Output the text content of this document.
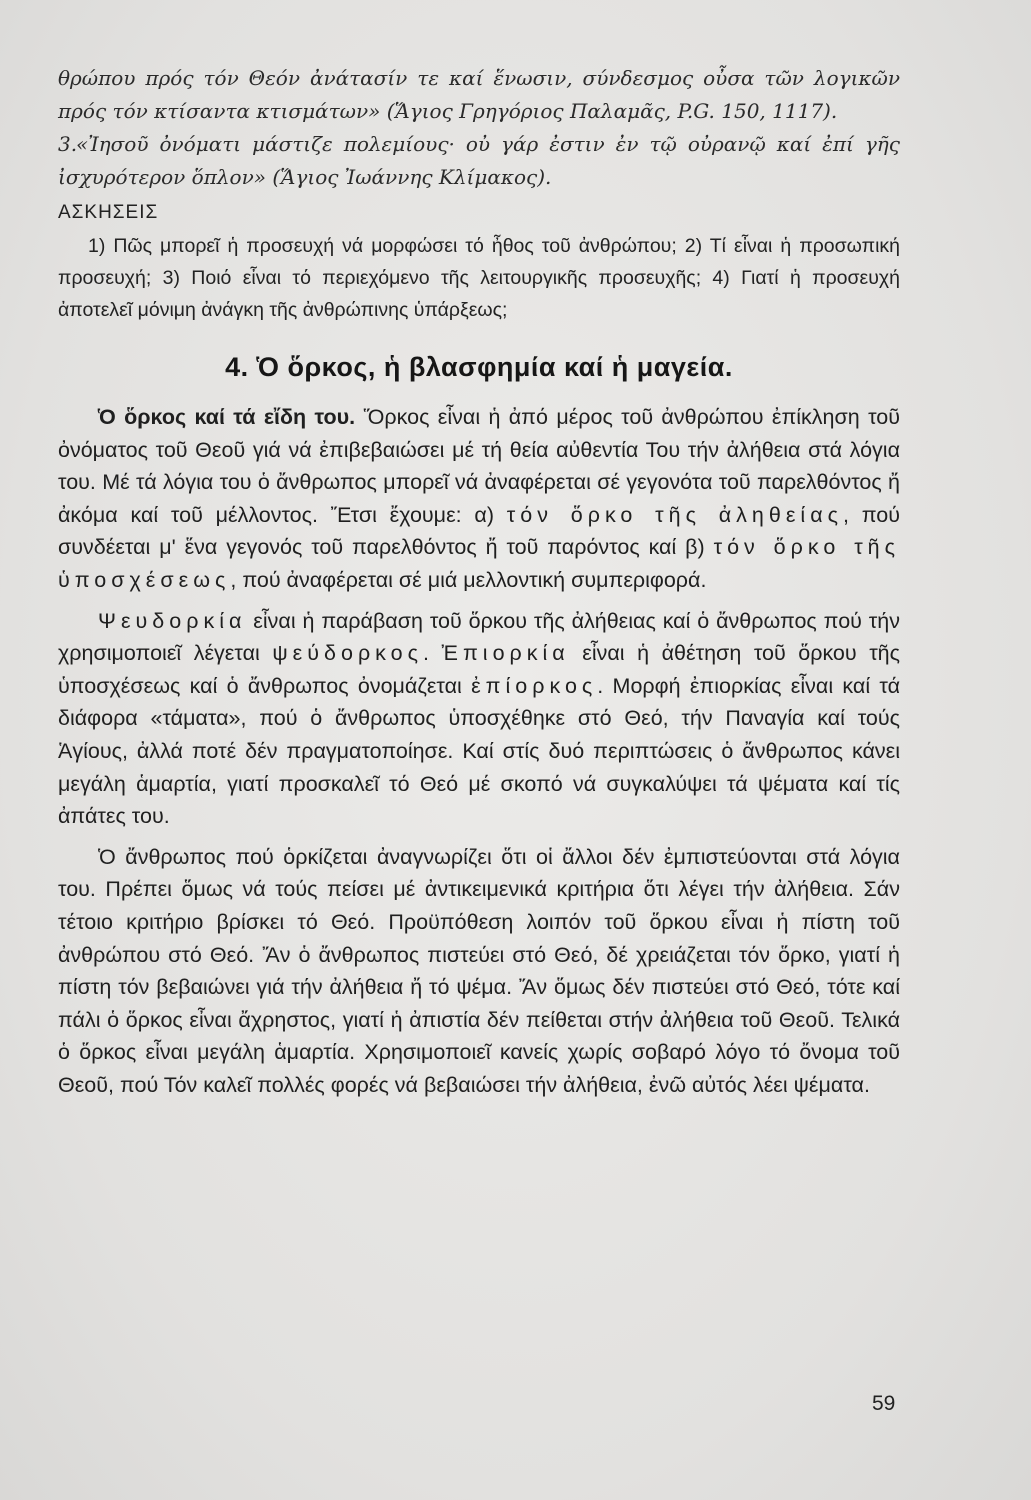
θρώπου πρός τόν Θεόν ἀνάτασίν τε καί ἕνωσιν, σύνδεσμος οὖσα τῶν λογικῶν πρός τόν κτίσαντα κτισμάτων» (Ἅγιος Γρηγόριος Παλαμᾶς, P.G. 150, 1117).
3.
«Ἰησοῦ ὀνόματι μάστιζε πολεμίους· οὐ γάρ ἐστιν ἐν τῷ οὐρανῷ καί ἐπί γῆς ἰσχυρότερον ὅπλον» (Ἅγιος Ἰωάννης Κλίμακος).
ΑΣΚΗΣΕΙΣ

1) Πῶς μπορεῖ ἡ προσευχή νά μορφώσει τό ἦθος τοῦ ἀνθρώπου; 2) Τί εἶναι ἡ προσωπική προσευχή; 3) Ποιό εἶναι τό περιεχόμενο τῆς λειτουργικῆς προσευχῆς; 4) Γιατί ἡ προσευχή ἀποτελεῖ μόνιμη ἀνάγκη τῆς ἀνθρώπινης ὑπάρξεως;

4. Ὁ ὅρκος, ἡ βλασφημία καί ἡ μαγεία.

Ὁ ὅρκος καί τά εἴδη του. Ὅρκος εἶναι ἡ ἀπό μέρος τοῦ ἀνθρώπου ἐπίκληση τοῦ ὀνόματος τοῦ Θεοῦ γιά νά ἐπιβεβαιώσει μέ τή θεία αὐθεντία Του τήν ἀλήθεια στά λόγια του. Μέ τά λόγια του ὁ ἄνθρωπος μπορεῖ νά ἀναφέρεται σέ γεγονότα τοῦ παρελθόντος ἤ ἀκόμα καί τοῦ μέλλοντος. Ἔτσι ἔχουμε: α) τόν ὅρκο τῆς ἀληθείας, πού συνδέεται μ' ἕνα γεγονός τοῦ παρελθόντος ἤ τοῦ παρόντος καί β) τόν ὅρκο τῆς ὑποσχέσεως, πού ἀναφέρεται σέ μιά μελλοντική συμπεριφορά.

Ψευδορκία εἶναι ἡ παράβαση τοῦ ὅρκου τῆς ἀλήθειας καί ὁ ἄνθρωπος πού τήν χρησιμοποιεῖ λέγεται ψεύδορκος. Ἐπιορκία εἶναι ἡ ἀθέτηση τοῦ ὅρκου τῆς ὑποσχέσεως καί ὁ ἄνθρωπος ὀνομάζεται ἐπίορκος. Μορφή ἐπιορκίας εἶναι καί τά διάφορα «τάματα», πού ὁ ἄνθρωπος ὑποσχέθηκε στό Θεό, τήν Παναγία καί τούς Ἁγίους, ἀλλά ποτέ δέν πραγματοποίησε. Καί στίς δυό περιπτώσεις ὁ ἄνθρωπος κάνει μεγάλη ἁμαρτία, γιατί προσκαλεῖ τό Θεό μέ σκοπό νά συγκαλύψει τά ψέματα καί τίς ἀπάτες του.

Ὁ ἄνθρωπος πού ὁρκίζεται ἀναγνωρίζει ὅτι οἱ ἄλλοι δέν ἐμπιστεύονται στά λόγια του. Πρέπει ὅμως νά τούς πείσει μέ ἀντικειμενικά κριτήρια ὅτι λέγει τήν ἀλήθεια. Σάν τέτοιο κριτήριο βρίσκει τό Θεό. Προϋπόθεση λοιπόν τοῦ ὅρκου εἶναι ἡ πίστη τοῦ ἀνθρώπου στό Θεό. Ἄν ὁ ἄνθρωπος πιστεύει στό Θεό, δέ χρειάζεται τόν ὅρκο, γιατί ἡ πίστη τόν βεβαιώνει γιά τήν ἀλήθεια ἤ τό ψέμα. Ἄν ὅμως δέν πιστεύει στό Θεό, τότε καί πάλι ὁ ὅρκος εἶναι ἄχρηστος, γιατί ἡ ἀπιστία δέν πείθεται στήν ἀλήθεια τοῦ Θεοῦ. Τελικά ὁ ὅρκος εἶναι μεγάλη ἁμαρτία. Χρησιμοποιεῖ κανείς χωρίς σοβαρό λόγο τό ὄνομα τοῦ Θεοῦ, πού Τόν καλεῖ πολλές φορές νά βεβαιώσει τήν ἀλήθεια, ἐνῶ αὐτός λέει ψέματα.

59
